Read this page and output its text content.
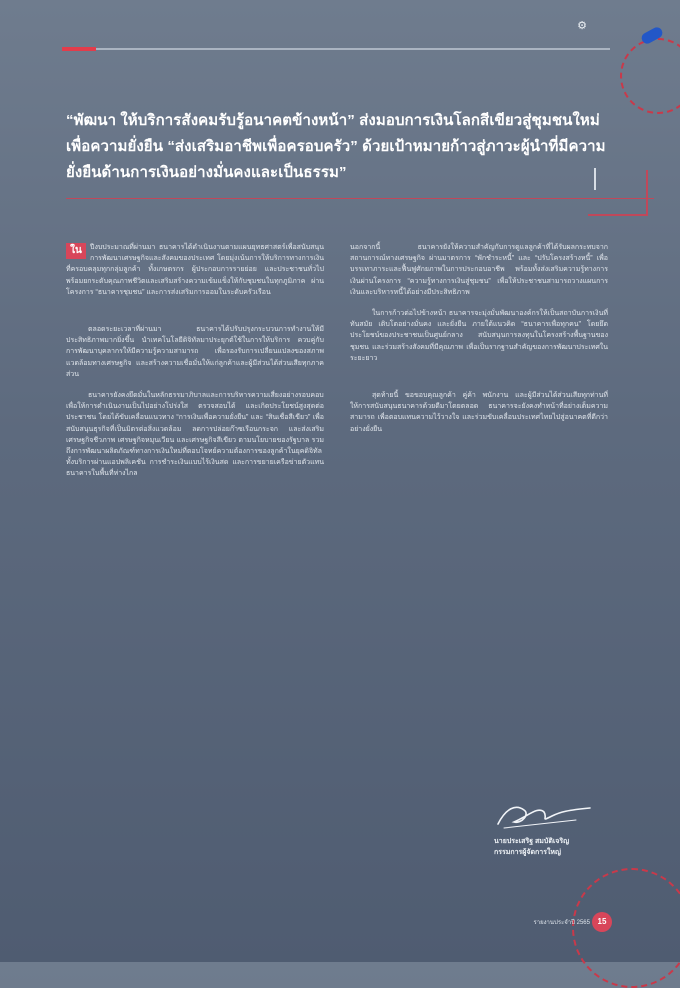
⚙
“พัฒนา ให้บริการสังคมรับรู้อนาคตข้างหน้า” ส่งมอบการเงินโลกสีเขียวสู่ชุมชนใหม่เพื่อความยั่งยืน “ส่งเสริมอาชีพเพื่อครอบครัว” ด้วยเป้าหมายก้าวสู่ภาวะผู้นำที่มีความยั่งยืนด้านการเงินอย่างมั่นคงและเป็นธรรม”

ใน	ปีงบประมาณที่ผ่านมา ธนาคารได้ดำเนินงานตามแผนยุทธศาสตร์เพื่อสนับสนุนการพัฒนาเศรษฐกิจและสังคมของประเทศ โดยมุ่งเน้นการให้บริการทางการเงินที่ครอบคลุมทุกกลุ่มลูกค้า ทั้งเกษตรกร ผู้ประกอบการรายย่อย และประชาชนทั่วไป พร้อมยกระดับคุณภาพชีวิตและเสริมสร้างความเข้มแข็งให้กับชุมชนในทุกภูมิภาค ผ่านโครงการ “ธนาคารชุมชน” และการส่งเสริมการออมในระดับครัวเรือน

ตลอดระยะเวลาที่ผ่านมา ธนาคารได้ปรับปรุงกระบวนการทำงานให้มีประสิทธิภาพมากยิ่งขึ้น นำเทคโนโลยีดิจิทัลมาประยุกต์ใช้ในการให้บริการ ควบคู่กับการพัฒนาบุคลากรให้มีความรู้ความสามารถ เพื่อรองรับการเปลี่ยนแปลงของสภาพแวดล้อมทางเศรษฐกิจ และสร้างความเชื่อมั่นให้แก่ลูกค้าและผู้มีส่วนได้ส่วนเสียทุกภาคส่วน

ธนาคารยังคงยึดมั่นในหลักธรรมาภิบาลและการบริหารความเสี่ยงอย่างรอบคอบ เพื่อให้การดำเนินงานเป็นไปอย่างโปร่งใส ตรวจสอบได้ และเกิดประโยชน์สูงสุดต่อประชาชน โดยได้ขับเคลื่อนแนวทาง “การเงินเพื่อความยั่งยืน” และ “สินเชื่อสีเขียว” เพื่อสนับสนุนธุรกิจที่เป็นมิตรต่อสิ่งแวดล้อม ลดการปล่อยก๊าซเรือนกระจก และส่งเสริมเศรษฐกิจชีวภาพ เศรษฐกิจหมุนเวียน และเศรษฐกิจสีเขียว ตามนโยบายของรัฐบาล รวมถึงการพัฒนาผลิตภัณฑ์ทางการเงินใหม่ที่ตอบโจทย์ความต้องการของลูกค้าในยุคดิจิทัล ทั้งบริการผ่านแอปพลิเคชัน การชำระเงินแบบไร้เงินสด และการขยายเครือข่ายตัวแทนธนาคารในพื้นที่ห่างไกล

นอกจากนี้ ธนาคารยังให้ความสำคัญกับการดูแลลูกค้าที่ได้รับผลกระทบจากสถานการณ์ทางเศรษฐกิจ ผ่านมาตรการ “พักชำระหนี้” และ “ปรับโครงสร้างหนี้” เพื่อบรรเทาภาระและฟื้นฟูศักยภาพในการประกอบอาชีพ พร้อมทั้งส่งเสริมความรู้ทางการเงินผ่านโครงการ “ความรู้ทางการเงินสู่ชุมชน” เพื่อให้ประชาชนสามารถวางแผนการเงินและบริหารหนี้ได้อย่างมีประสิทธิภาพ

ในการก้าวต่อไปข้างหน้า ธนาคารจะมุ่งมั่นพัฒนาองค์กรให้เป็นสถาบันการเงินที่ทันสมัย เติบโตอย่างมั่นคง และยั่งยืน ภายใต้แนวคิด “ธนาคารเพื่อทุกคน” โดยยึดประโยชน์ของประชาชนเป็นศูนย์กลาง สนับสนุนการลงทุนในโครงสร้างพื้นฐานของชุมชน และร่วมสร้างสังคมที่มีคุณภาพ เพื่อเป็นรากฐานสำคัญของการพัฒนาประเทศในระยะยาว

สุดท้ายนี้ ขอขอบคุณลูกค้า คู่ค้า พนักงาน และผู้มีส่วนได้ส่วนเสียทุกท่านที่ให้การสนับสนุนธนาคารด้วยดีมาโดยตลอด ธนาคารจะยังคงทำหน้าที่อย่างเต็มความสามารถ เพื่อตอบแทนความไว้วางใจ และร่วมขับเคลื่อนประเทศไทยไปสู่อนาคตที่ดีกว่าอย่างยั่งยืน

นายประเสริฐ สมบัติเจริญ
กรรมการผู้จัดการใหญ่
รายงานประจำปี 2565 15
